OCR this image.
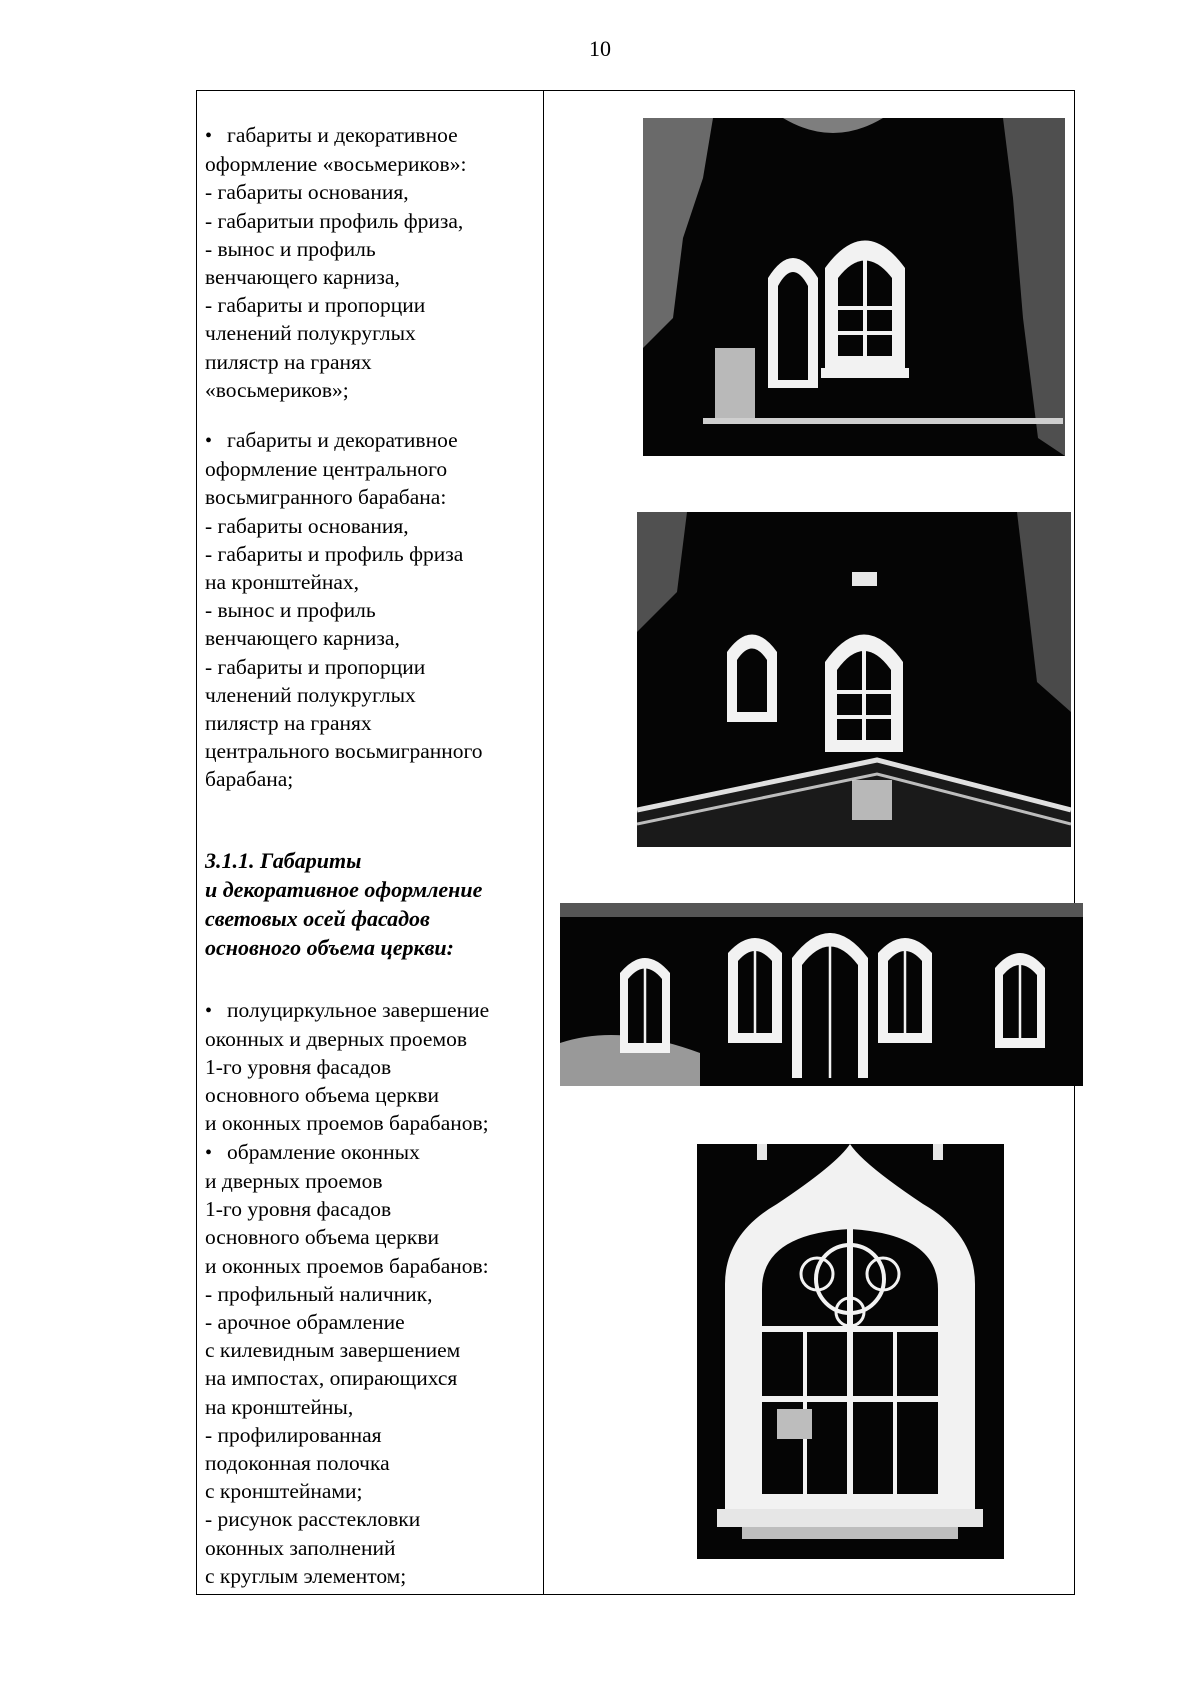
10
• габариты и декоративное
оформление «восьмериков»:
- габариты основания,
- габаритыи профиль фриза,
- вынос и профиль
венчающего карниза,
- габариты и пропорции
членений полукруглых
пилястр на гранях
«восьмериков»;
• габариты и декоративное
оформление центрального
восьмигранного барабана:
- габариты основания,
- габариты и профиль фриза
на кронштейнах,
- вынос и профиль
венчающего карниза,
- габариты и пропорции
членений полукруглых
пилястр на гранях
центрального восьмигранного
барабана;
3.1.1. Габариты
и декоративное оформление
световых осей фасадов
основного объема церкви:
• полуциркульное завершение
оконных и дверных проемов
1-го уровня фасадов
основного объема церкви
и оконных проемов барабанов;
• обрамление оконных
и дверных проемов
1-го уровня фасадов
основного объема церкви
и оконных проемов барабанов:
- профильный наличник,
- арочное обрамление
с килевидным завершением
на импостах, опирающихся
на кронштейны,
- профилированная
подоконная полочка
с кронштейнами;
- рисунок расстекловки
оконных заполнений
с круглым элементом;
